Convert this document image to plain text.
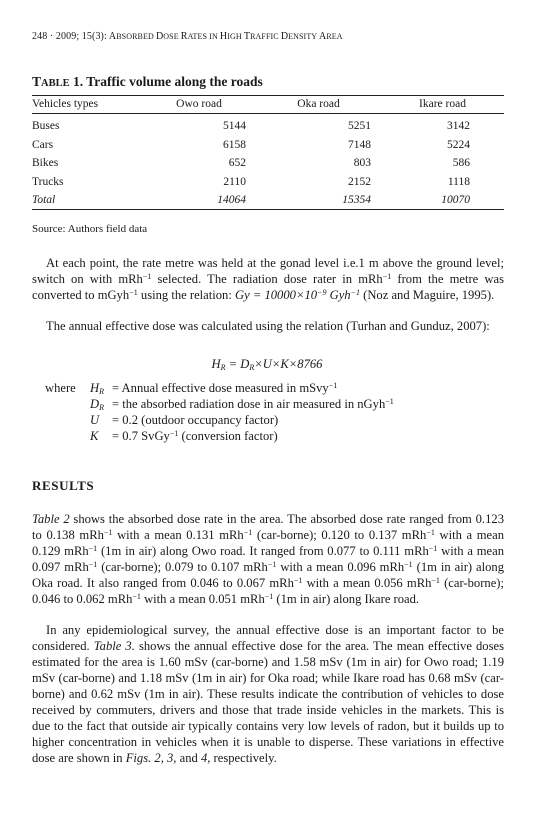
248 · 2009; 15(3): ABSORBED DOSE RATES IN HIGH TRAFFIC DENSITY AREA
TABLE 1. Traffic volume along the roads
Vehicles types	Owo road	Oka road	Ikare road
Buses	5144	5251	3142
Cars	6158	7148	5224
Bikes	652	803	586
Trucks	2110	2152	1118
Total	14064	15354	10070
Source: Authors field data

At each point, the rate metre was held at the gonad level i.e.1 m above the ground level; switch on with mRh$^{-1}$ selected. The radiation dose rater in mRh$^{-1}$ from the metre was converted to mGyh$^{-1}$ using the relation: $Gy = 10000\times 10^{-9}$ Gyh$^{-1}$ (Noz and Maguire, 1995).

The annual effective dose was calculated using the relation (Turhan and Gunduz, 2007):

$H_R = D_R\times U\times K\times 8766$
where	$H_R$	= Annual effective dose measured in mSvy$^{-1}$
	$D_R$	= the absorbed radiation dose in air measured in nGyh$^{-1}$
	U	= 0.2 (outdoor occupancy factor)
	K	= 0.7 SvGy$^{-1}$ (conversion factor)
RESULTS

Table 2 shows the absorbed dose rate in the area. The absorbed dose rate ranged from 0.123 to 0.138 mRh$^{-1}$ with a mean 0.131 mRh$^{-1}$ (car-borne); 0.120 to 0.137 mRh$^{-1}$ with a mean 0.129 mRh$^{-1}$ (1m in air) along Owo road. It ranged from 0.077 to 0.111 mRh$^{-1}$ with a mean 0.097 mRh$^{-1}$ (car-borne); 0.079 to 0.107 mRh$^{-1}$ with a mean 0.096 mRh$^{-1}$ (1m in air) along Oka road. It also ranged from 0.046 to 0.067 mRh$^{-1}$ with a mean 0.056 mRh$^{-1}$ (car-borne); 0.046 to 0.062 mRh$^{-1}$ with a mean 0.051 mRh$^{-1}$ (1m in air) along Ikare road.

In any epidemiological survey, the annual effective dose is an important factor to be considered. Table 3. shows the annual effective dose for the area. The mean effective doses estimated for the area is 1.60 mSv (car-borne) and 1.58 mSv (1m in air) for Owo road; 1.19 mSv (car-borne) and 1.18 mSv (1m in air) for Oka road; while Ikare road has 0.68 mSv (car-borne) and 0.62 mSv (1m in air). These results indicate the contribution of vehicles to dose received by commuters, drivers and those that trade inside vehicles in the markets. This is due to the fact that outside air typically contains very low levels of radon, but it builds up to higher concentration in vehicles when it is unable to disperse. These variations in effective dose are shown in Figs. 2, 3, and 4, respectively.
